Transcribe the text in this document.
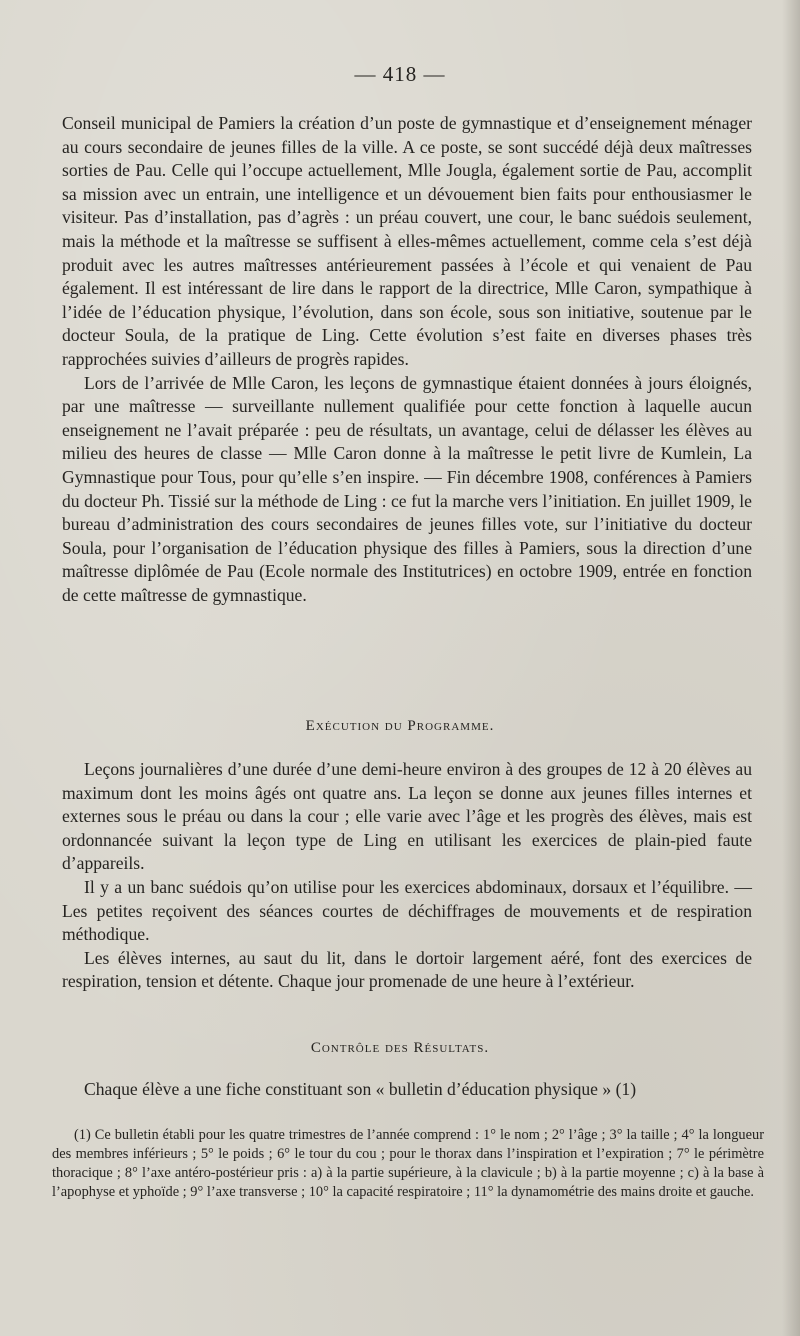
— 418 —

Conseil municipal de Pamiers la création d’un poste de gymnastique et d’enseignement ménager au cours secondaire de jeunes filles de la ville. A ce poste, se sont succédé déjà deux maîtresses sorties de Pau. Celle qui l’occupe actuellement, Mlle Jougla, également sortie de Pau, accomplit sa mission avec un entrain, une intelligence et un dévouement bien faits pour enthousiasmer le visiteur. Pas d’installation, pas d’agrès : un préau couvert, une cour, le banc suédois seulement, mais la méthode et la maîtresse se suffisent à elles-mêmes actuellement, comme cela s’est déjà produit avec les autres maîtresses antérieurement passées à l’école et qui venaient de Pau également. Il est intéressant de lire dans le rapport de la directrice, Mlle Caron, sympathique à l’idée de l’éducation physique, l’évolution, dans son école, sous son initiative, soutenue par le docteur Soula, de la pratique de Ling. Cette évolution s’est faite en diverses phases très rapprochées suivies d’ailleurs de progrès rapides.

Lors de l’arrivée de Mlle Caron, les leçons de gymnastique étaient données à jours éloignés, par une maîtresse — surveillante nullement qualifiée pour cette fonction à laquelle aucun enseignement ne l’avait préparée : peu de résultats, un avantage, celui de délasser les élèves au milieu des heures de classe — Mlle Caron donne à la maîtresse le petit livre de Kumlein, La Gymnastique pour Tous, pour qu’elle s’en inspire. — Fin décembre 1908, conférences à Pamiers du docteur Ph. Tissié sur la méthode de Ling : ce fut la marche vers l’initiation. En juillet 1909, le bureau d’administration des cours secondaires de jeunes filles vote, sur l’initiative du docteur Soula, pour l’organisation de l’éducation physique des filles à Pamiers, sous la direction d’une maîtresse diplômée de Pau (Ecole normale des Institutrices) en octobre 1909, entrée en fonction de cette maîtresse de gymnastique.

Exécution du Programme.

Leçons journalières d’une durée d’une demi-heure environ à des groupes de 12 à 20 élèves au maximum dont les moins âgés ont quatre ans. La leçon se donne aux jeunes filles internes et externes sous le préau ou dans la cour ; elle varie avec l’âge et les progrès des élèves, mais est ordonnancée suivant la leçon type de Ling en utilisant les exercices de plain-pied faute d’appareils.

Il y a un banc suédois qu’on utilise pour les exercices abdominaux, dorsaux et l’équilibre. — Les petites reçoivent des séances courtes de déchiffrages de mouvements et de respiration méthodique.

Les élèves internes, au saut du lit, dans le dortoir largement aéré, font des exercices de respiration, tension et détente. Chaque jour promenade de une heure à l’extérieur.

Contrôle des Résultats.

Chaque élève a une fiche constituant son « bulletin d’éducation physique » (1)

(1) Ce bulletin établi pour les quatre trimestres de l’année comprend : 1° le nom ; 2° l’âge ; 3° la taille ; 4° la longueur des membres inférieurs ; 5° le poids ; 6° le tour du cou ; pour le thorax dans l’inspiration et l’expiration ; 7° le périmètre thoracique ; 8° l’axe antéro-postérieur pris : a) à la partie supérieure, à la clavicule ; b) à la partie moyenne ; c) à la base à l’apophyse et yphoïde ; 9° l’axe transverse ; 10° la capacité respiratoire ; 11° la dynamométrie des mains droite et gauche.
